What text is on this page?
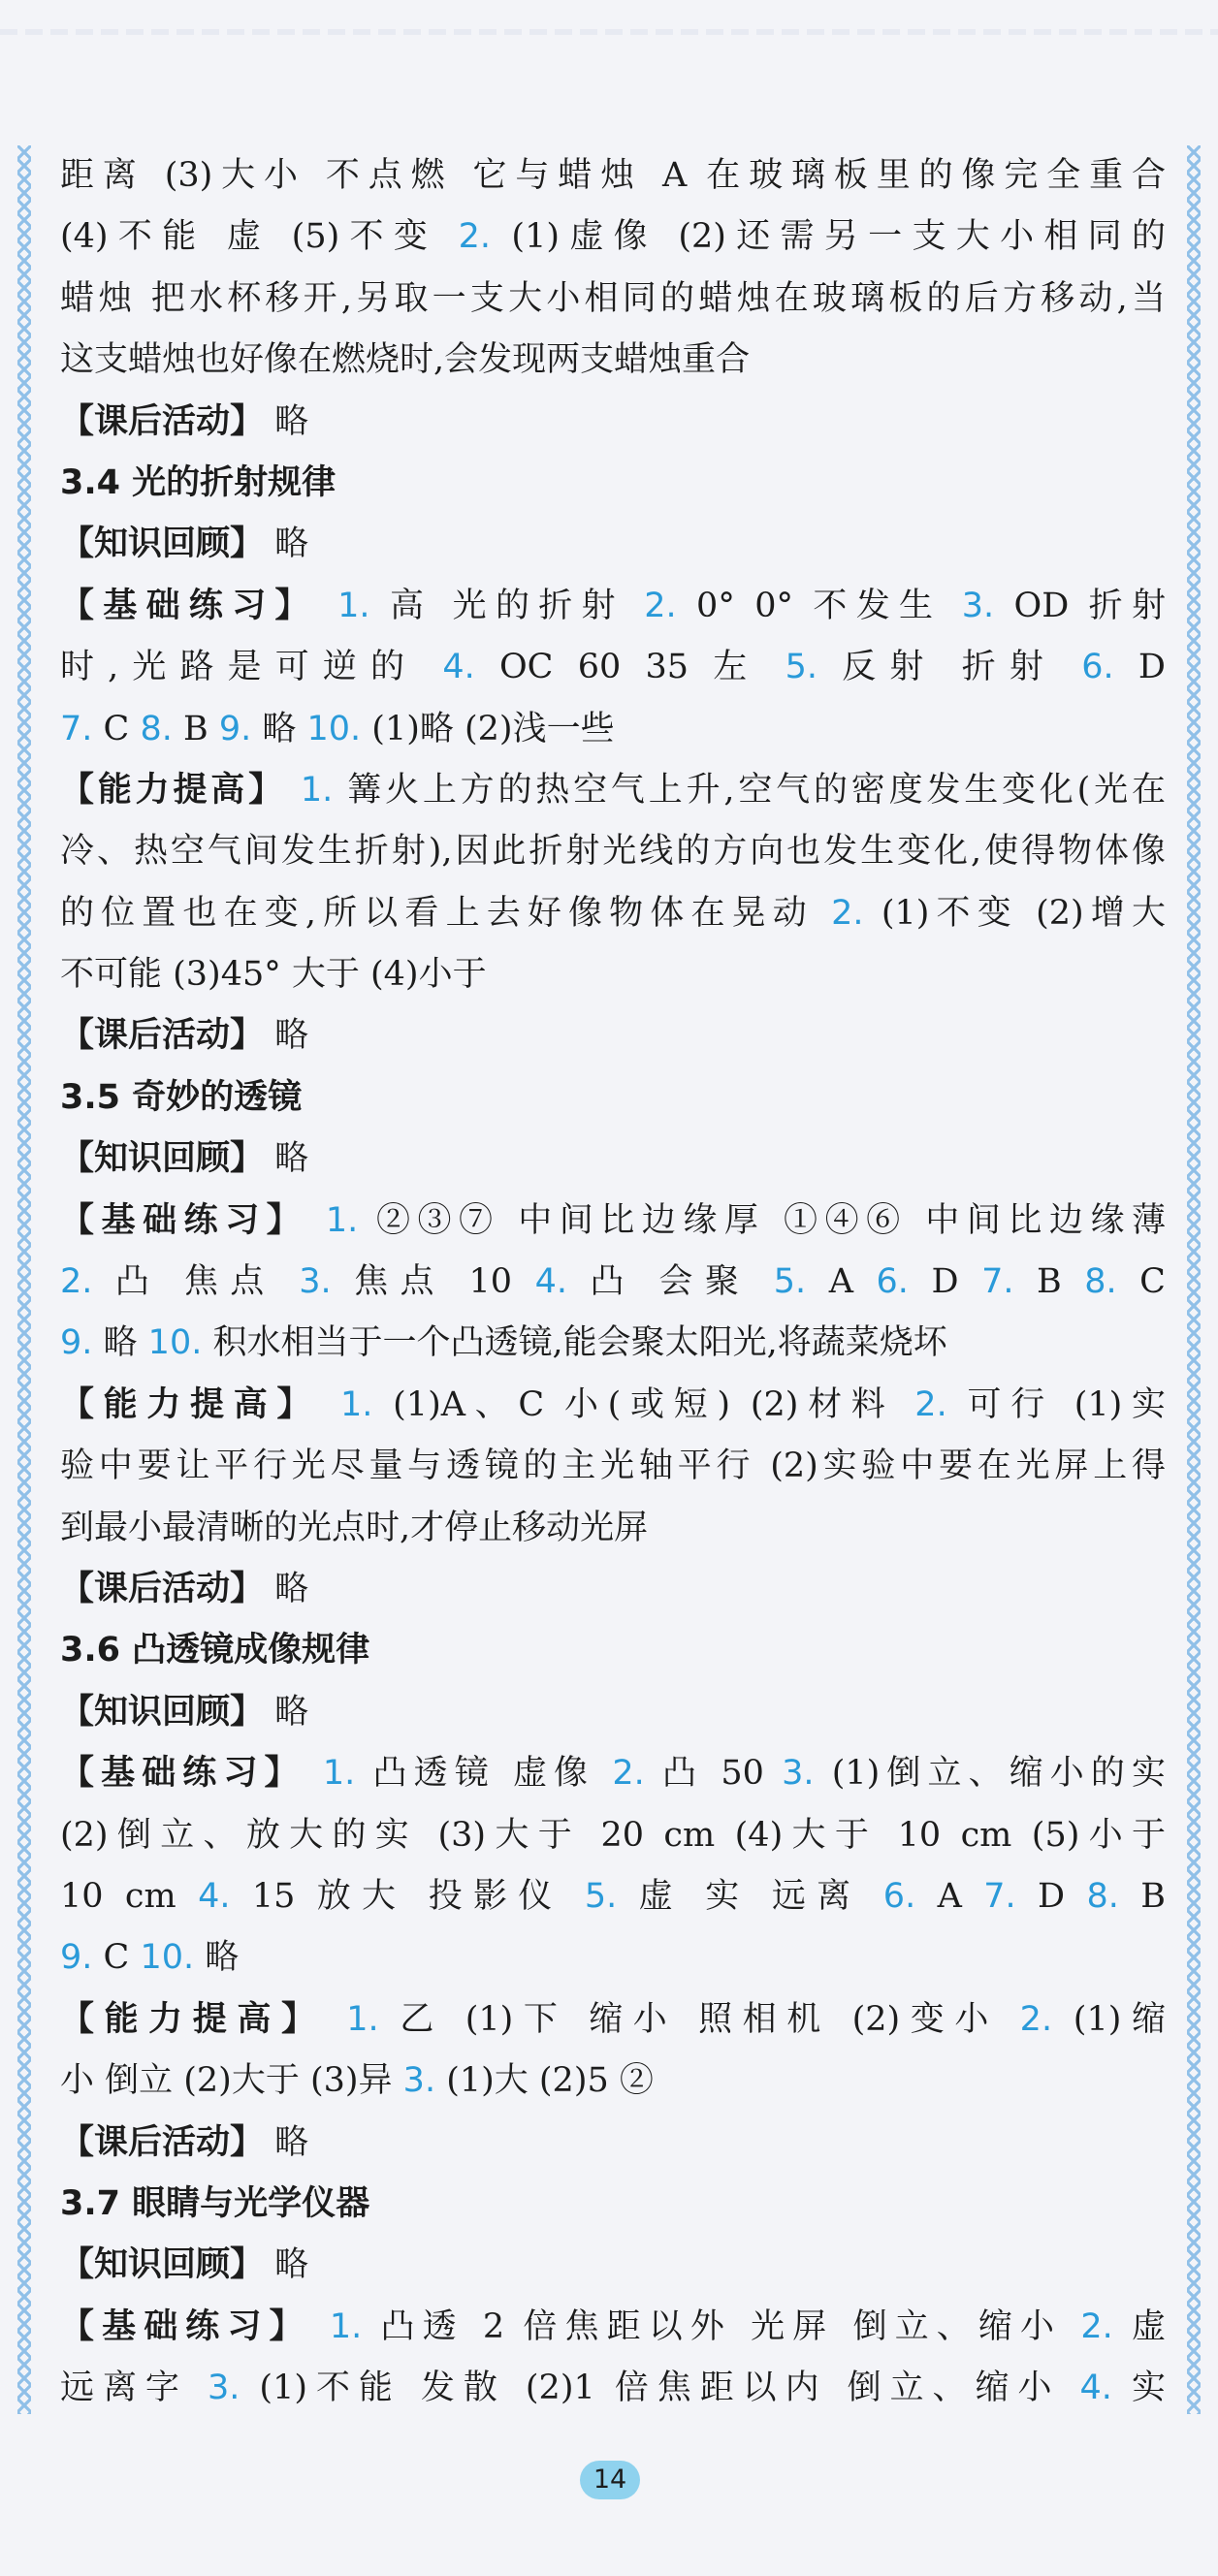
距离 (3)大小 不点燃 它与蜡烛 A 在玻璃板里的像完全重合
(4)不能 虚 (5)不变 2. (1)虚像 (2)还需另一支大小相同的
蜡烛 把水杯移开,另取一支大小相同的蜡烛在玻璃板的后方移动,当
这支蜡烛也好像在燃烧时,会发现两支蜡烛重合
【课后活动】 略
3.4 光的折射规律
【知识回顾】 略
【基础练习】 1. 高 光的折射 2. 0° 0° 不发生 3. OD 折射
时,光路是可逆的 4. OC 60 35 左 5. 反射 折射 6. D
7. C 8. B 9. 略 10. (1)略 (2)浅一些
【能力提高】 1. 篝火上方的热空气上升,空气的密度发生变化(光在
冷、热空气间发生折射),因此折射光线的方向也发生变化,使得物体像
的位置也在变,所以看上去好像物体在晃动 2. (1)不变 (2)增大
不可能 (3)45° 大于 (4)小于
【课后活动】 略
3.5 奇妙的透镜
【知识回顾】 略
【基础练习】 1. ②③⑦ 中间比边缘厚 ①④⑥ 中间比边缘薄
2. 凸 焦点 3. 焦点 10 4. 凸 会聚 5. A 6. D 7. B 8. C
9. 略 10. 积水相当于一个凸透镜,能会聚太阳光,将蔬菜烧坏
【能力提高】 1. (1)A、C 小(或短) (2)材料 2. 可行 (1)实
验中要让平行光尽量与透镜的主光轴平行 (2)实验中要在光屏上得
到最小最清晰的光点时,才停止移动光屏
【课后活动】 略
3.6 凸透镜成像规律
【知识回顾】 略
【基础练习】 1. 凸透镜 虚像 2. 凸 50 3. (1)倒立、缩小的实
(2)倒立、放大的实 (3)大于 20 cm (4)大于 10 cm (5)小于
10 cm 4. 15 放大 投影仪 5. 虚 实 远离 6. A 7. D 8. B
9. C 10. 略
【能力提高】 1. 乙 (1)下 缩小 照相机 (2)变小 2. (1)缩
小 倒立 (2)大于 (3)异 3. (1)大 (2)5 ②
【课后活动】 略
3.7 眼睛与光学仪器
【知识回顾】 略
【基础练习】 1. 凸透 2 倍焦距以外 光屏 倒立、缩小 2. 虚
远离字 3. (1)不能 发散 (2)1 倍焦距以内 倒立、缩小 4. 实
14
